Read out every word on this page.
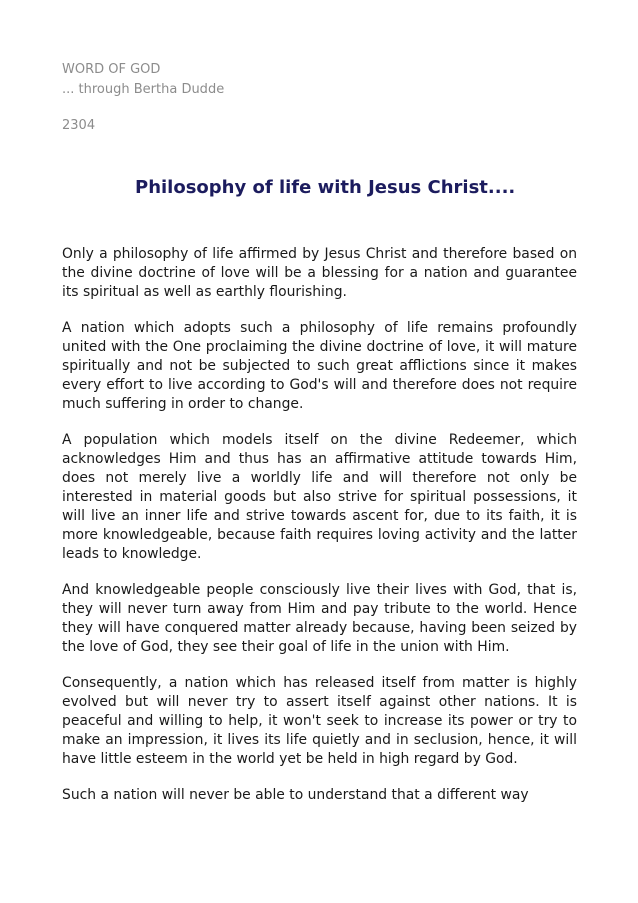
WORD OF GOD

... through Bertha Dudde

2304

Philosophy of life with Jesus Christ....

Only a philosophy of life affirmed by Jesus Christ and therefore based on the divine doctrine of love will be a blessing for a nation and guarantee its spiritual as well as earthly flourishing.

A nation which adopts such a philosophy of life remains profoundly united with the One proclaiming the divine doctrine of love, it will mature spiritually and not be subjected to such great afflictions since it makes every effort to live according to God's will and therefore does not require much suffering in order to change.

A population which models itself on the divine Redeemer, which acknowledges Him and thus has an affirmative attitude towards Him, does not merely live a worldly life and will therefore not only be interested in material goods but also strive for spiritual possessions, it will live an inner life and strive towards ascent for, due to its faith, it is more knowledgeable, because faith requires loving activity and the latter leads to knowledge.

And knowledgeable people consciously live their lives with God, that is, they will never turn away from Him and pay tribute to the world. Hence they will have conquered matter already because, having been seized by the love of God, they see their goal of life in the union with Him.

Consequently, a nation which has released itself from matter is highly evolved but will never try to assert itself against other nations. It is peaceful and willing to help, it won't seek to increase its power or try to make an impression, it lives its life quietly and in seclusion, hence, it will have little esteem in the world yet be held in high regard by God.

Such a nation will never be able to understand that a different way
